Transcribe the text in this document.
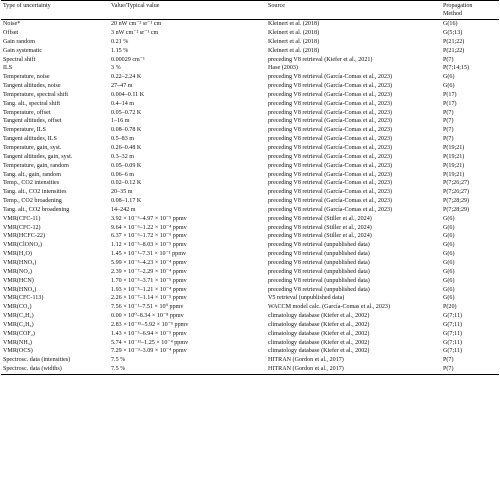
Type of uncertainty	Value/Typical value	Source	Propagation
Method
Noise*	20 nW cm⁻² sr⁻¹ cm	Kleinert et al. (2018)	G(16)
Offset	3 nW cm⁻² sr⁻¹ cm	Kleinert et al. (2018)	G(5;13)
Gain random	0.21 %	Kleinert et al. (2018)	P(21;22)
Gain systematic	1.15 %	Kleinert et al. (2018)	P(21;22)
Spectral shift	0.00029 cm⁻¹	preceding V8 retrieval (Kiefer et al., 2021)	P(7)
ILS	3 %	Hase (2003)	P(7;14;15)
Temperature, noise	0.22–2.24 K	preceding V8 retrieval (García-Comas et al., 2023)	G(6)
Tangent altitudes, noise	27–47 m	preceding V8 retrieval (García-Comas et al., 2023)	G(6)
Temperature, spectral shift	0.004–0.11 K	preceding V8 retrieval (García-Comas et al., 2023)	P(17)
Tang. alt., spectral shift	0.4–14 m	preceding V8 retrieval (García-Comas et al., 2023)	P(17)
Temperature, offset	0.05–0.72 K	preceding V8 retrieval (García-Comas et al., 2023)	P(7)
Tangent altitudes, offset	1–16 m	preceding V8 retrieval (García-Comas et al., 2023)	P(7)
Temperature, ILS	0.08–0.78 K	preceding V8 retrieval (García-Comas et al., 2023)	P(7)
Tangent altitudes, ILS	0.5–83 m	preceding V8 retrieval (García-Comas et al., 2023)	P(7)
Temperature, gain, syst.	0.26–0.48 K	preceding V8 retrieval (García-Comas et al., 2023)	P(19;21)
Tangent altitudes, gain, syst.	0.3–32 m	preceding V8 retrieval (García-Comas et al., 2023)	P(19;21)
Temperature, gain, random	0.05–0.09 K	preceding V8 retrieval (García-Comas et al., 2023)	P(19;21)
Tang. alt., gain, random	0.06–6 m	preceding V8 retrieval (García-Comas et al., 2023)	P(19;21)
Temp., CO2 intensities	0.02–0.12 K	preceding V8 retrieval (García-Comas et al., 2023)	P(7;26;27)
Tang. alt., CO2 intensities	20–35 m	preceding V8 retrieval (García-Comas et al., 2023)	P(7;26;27)
Temp., CO2 broadening	0.08–1.17 K	preceding V8 retrieval (García-Comas et al., 2023)	P(7;28;29)
Tang. alt., CO2 broadening	14–242 m	preceding V8 retrieval (García-Comas et al., 2023)	P(7;28;29)
VMR(CFC-11)	3.92 × 10⁻⁶–4.97 × 10⁻⁵ ppmv	preceding V8 retrieval (Stiller et al., 2024)	G(6)
VMR(CFC-12)	9.64 × 10⁻⁶–1.22 × 10⁻⁴ ppmv	preceding V8 retrieval (Stiller et al., 2024)	G(6)
VMR(HCFC-22)	6.37 × 10⁻⁶–1.72 × 10⁻⁵ ppmv	preceding V8 retrieval (Stiller et al., 2024)	G(6)
VMR(ClONO₂)	1.12 × 10⁻⁵–8.03 × 10⁻⁵ ppmv	preceding V8 retrieval (unpublished data)	G(6)
VMR(H₂O)	1.45 × 10⁻¹–7.31 × 10⁻¹ ppmv	preceding V8 retrieval (unpublished data)	G(6)
VMR(HNO₃)	5.99 × 10⁻⁵–4.23 × 10⁻⁴ ppmv	preceding V8 retrieval (unpublished data)	G(6)
VMR(NO₂)	2.39 × 10⁻⁷–2.29 × 10⁻⁴ ppmv	preceding V8 retrieval (unpublished data)	G(6)
VMR(HCN)	1.70 × 10⁻⁵–3.71 × 10⁻⁵ ppmv	preceding V8 retrieval (unpublished data)	G(6)
VMR(HNO₄)	1.93 × 10⁻⁵–1.21 × 10⁻⁴ ppmv	preceding V8 retrieval (unpublished data)	G(6)
VMR(CFC-113)	2.26 × 10⁻⁷–1.14 × 10⁻⁵ ppmv	V5 retrieval (unpublished data)	G(6)
VMR(CO₂)	7.56 × 10⁻¹–7.51 × 10⁰ ppmv	WACCM model calc. (García-Comas et al., 2023)	P(20)
VMR(C₂H₂)	0.00 × 10⁰–8.34 × 10⁻⁸ ppmv	climatology database (Kiefer et al., 2002)	G(7;11)
VMR(C₂H₆)	2.83 × 10⁻¹⁵–5.92 × 10⁻⁵ ppmv	climatology database (Kiefer et al., 2002)	G(7;11)
VMR(COF₂)	1.43 × 10⁻⁵–6.94 × 10⁻⁵ ppmv	climatology database (Kiefer et al., 2002)	G(7;11)
VMR(NH₃)	5.74 × 10⁻¹¹–1.25 × 10⁻⁴ ppmv	climatology database (Kiefer et al., 2002)	G(7;11)
VMR(OCS)	7.29 × 10⁻⁹–3.09 × 10⁻⁴ ppmv	climatology database (Kiefer et al., 2002)	G(7;11)
Spectrosc. data (intensities)	7.5 %	HITRAN (Gordon et al., 2017)	P(7)
Spectrosc. data (widths)	7.5 %	HITRAN (Gordon et al., 2017)	P(7)
